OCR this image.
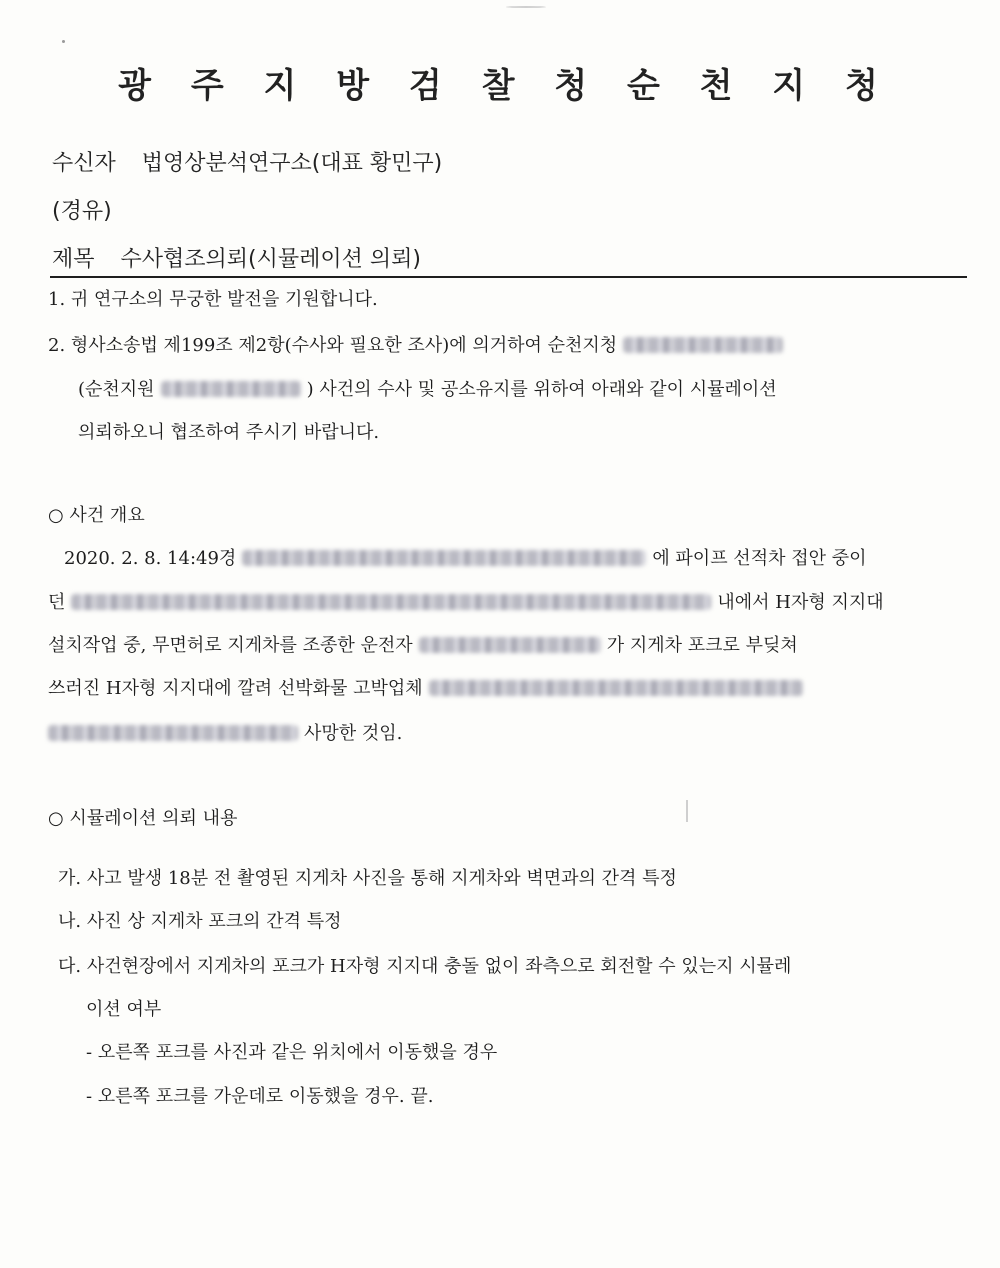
광 주 지 방 검 찰 청 순 천 지 청
수신자 법영상분석연구소(대표 황민구)
(경유)
제목 수사협조의뢰(시뮬레이션 의뢰)
1. 귀 연구소의 무궁한 발전을 기원합니다.
2. 형사소송법 제199조 제2항(수사와 필요한 조사)에 의거하여 순천지청
(순천지원	) 사건의 수사 및 공소유지를 위하여 아래와 같이 시뮬레이션
의뢰하오니 협조하여 주시기 바랍니다.
○ 사건 개요
2020. 2. 8. 14:49경	에 파이프 선적차 접안 중이
던	내에서 H자형 지지대
설치작업 중, 무면허로 지게차를 조종한 운전자	가 지게차 포크로 부딪쳐
쓰러진 H자형 지지대에 깔려 선박화물 고박업체
사망한 것임.
○ 시뮬레이션 의뢰 내용
가. 사고 발생 18분 전 촬영된 지게차 사진을 통해 지게차와 벽면과의 간격 특정
나. 사진 상 지게차 포크의 간격 특정
다. 사건현장에서 지게차의 포크가 H자형 지지대 충돌 없이 좌측으로 회전할 수 있는지 시뮬레
이션 여부
- 오른쪽 포크를 사진과 같은 위치에서 이동했을 경우
- 오른쪽 포크를 가운데로 이동했을 경우. 끝.
